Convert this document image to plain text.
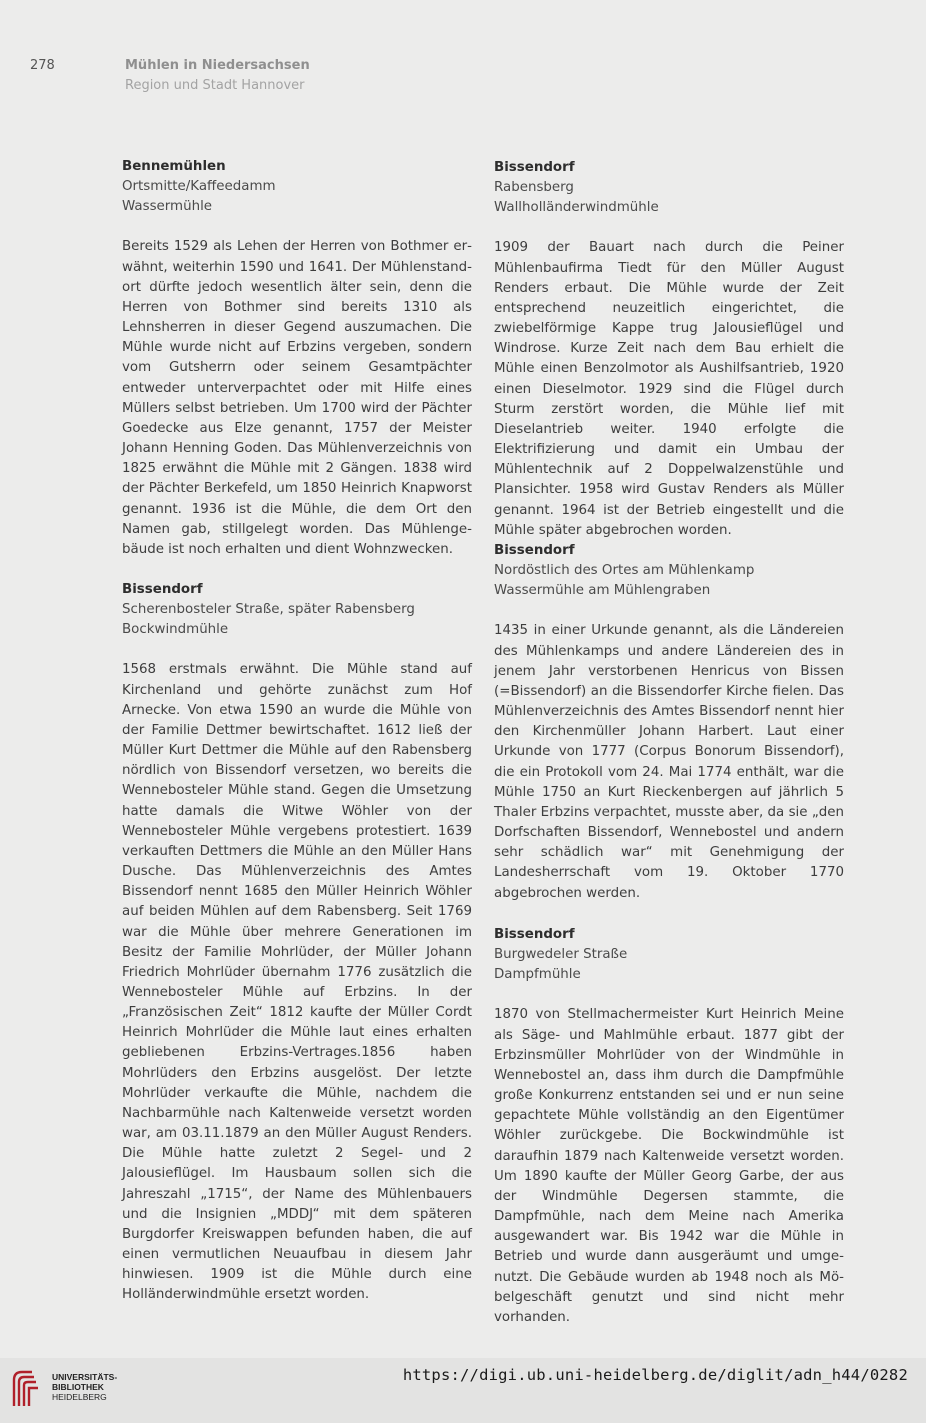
278	Mühlen in Niedersachsen
Region und Stadt Hannover

Bennemühlen

Ortsmitte/Kaffeedamm

Wassermühle

Bereits 1529 als Lehen der Herren von Bothmer erwähnt, weiterhin 1590 und 1641. Der Mühlenstandort dürfte jedoch wesentlich älter sein, denn die Herren von Bothmer sind bereits 1310 als Lehnsherren in dieser Gegend auszumachen. Die Mühle wurde nicht auf Erbzins vergeben, sondern vom Gutsherrn oder seinem Gesamtpächter entweder unterverpachtet oder mit Hilfe eines Müllers selbst betrieben. Um 1700 wird der Pächter Goedecke aus Elze genannt, 1757 der Meister Johann Henning Goden. Das Mühlenverzeichnis von 1825 erwähnt die Mühle mit 2 Gängen. 1838 wird der Pächter Berkefeld, um 1850 Heinrich Knapworst genannt. 1936 ist die Mühle, die dem Ort den Namen gab, stillgelegt worden. Das Mühlengebäude ist noch erhalten und dient Wohnzwecken.

Bissendorf

Scherenbosteler Straße, später Rabensberg

Bockwindmühle

1568 erstmals erwähnt. Die Mühle stand auf Kirchenland und gehörte zunächst zum Hof Arnecke. Von etwa 1590 an wurde die Mühle von der Familie Dettmer bewirtschaftet. 1612 ließ der Müller Kurt Dettmer die Mühle auf den Rabensberg nördlich von Bissendorf versetzen, wo bereits die Wennebosteler Mühle stand. Gegen die Umsetzung hatte damals die Witwe Wöhler von der Wennebosteler Mühle vergebens protestiert. 1639 verkauften Dettmers die Mühle an den Müller Hans Dusche. Das Mühlenverzeichnis des Amtes Bissendorf nennt 1685 den Müller Heinrich Wöhler auf beiden Mühlen auf dem Rabensberg. Seit 1769 war die Mühle über mehrere Generationen im Besitz der Familie Mohrlüder, der Müller Johann Friedrich Mohrlüder übernahm 1776 zusätzlich die Wennebosteler Mühle auf Erbzins. In der „Französischen Zeit“ 1812 kaufte der Müller Cordt Heinrich Mohrlüder die Mühle laut eines erhalten gebliebenen Erbzins-Vertrages.1856 haben Mohrlüders den Erbzins ausgelöst. Der letzte Mohrlüder verkaufte die Mühle, nachdem die Nachbarmühle nach Kaltenweide versetzt worden war, am 03.11.1879 an den Müller August Renders. Die Mühle hatte zuletzt 2 Segel- und 2 Jalousieflügel. Im Hausbaum sollen sich die Jahreszahl „1715“, der Name des Mühlenbauers und die Insignien „MDDJ“ mit dem späteren Burgdorfer Kreiswappen befunden haben, die auf einen vermutlichen Neuaufbau in diesem Jahr hinwiesen. 1909 ist die Mühle durch eine Holländerwindmühle ersetzt worden.

Bissendorf

Rabensberg

Wallholländerwindmühle

1909 der Bauart nach durch die Peiner Mühlenbaufirma Tiedt für den Müller August Renders erbaut. Die Mühle wurde der Zeit entsprechend neuzeitlich eingerichtet, die zwiebelförmige Kappe trug Jalousieflügel und Windrose. Kurze Zeit nach dem Bau erhielt die Mühle einen Benzolmotor als Aushilfsantrieb, 1920 einen Dieselmotor. 1929 sind die Flügel durch Sturm zerstört worden, die Mühle lief mit Dieselantrieb weiter. 1940 erfolgte die Elektrifizierung und damit ein Umbau der Mühlentechnik auf 2 Doppelwalzenstühle und Plansichter. 1958 wird Gustav Renders als Müller genannt. 1964 ist der Betrieb eingestellt und die Mühle später abgebrochen worden.

Bissendorf

Nordöstlich des Ortes am Mühlenkamp

Wassermühle am Mühlengraben

1435 in einer Urkunde genannt, als die Ländereien des Mühlenkamps und andere Ländereien des in jenem Jahr verstorbenen Henricus von Bissen (=Bissendorf) an die Bissendorfer Kirche fielen. Das Mühlenverzeichnis des Amtes Bissendorf nennt hier den Kirchenmüller Johann Harbert. Laut einer Urkunde von 1777 (Corpus Bonorum Bissendorf), die ein Protokoll vom 24. Mai 1774 enthält, war die Mühle 1750 an Kurt Rieckenbergen auf jährlich 5 Thaler Erbzins verpachtet, musste aber, da sie „den Dorfschaften Bissendorf, Wennebostel und andern sehr schädlich war“ mit Genehmigung der Landesherrschaft vom 19. Oktober 1770 abgebrochen werden.

Bissendorf

Burgwedeler Straße

Dampfmühle

1870 von Stellmachermeister Kurt Heinrich Meine als Säge- und Mahlmühle erbaut. 1877 gibt der Erbzinsmüller Mohrlüder von der Windmühle in Wennebostel an, dass ihm durch die Dampfmühle große Konkurrenz entstanden sei und er nun seine gepachtete Mühle vollständig an den Eigentümer Wöhler zurückgebe. Die Bockwindmühle ist daraufhin 1879 nach Kaltenweide versetzt worden. Um 1890 kaufte der Müller Georg Garbe, der aus der Windmühle Degersen stammte, die Dampfmühle, nach dem Meine nach Amerika ausgewandert war. Bis 1942 war die Mühle in Betrieb und wurde dann ausgeräumt und umgenutzt. Die Gebäude wurden ab 1948 noch als Möbelgeschäft genutzt und sind nicht mehr vorhanden.

UNIVERSITÄTS-
BIBLIOTHEK
HEIDELBERG
https://digi.ub.uni-heidelberg.de/diglit/adn_h44/0282
